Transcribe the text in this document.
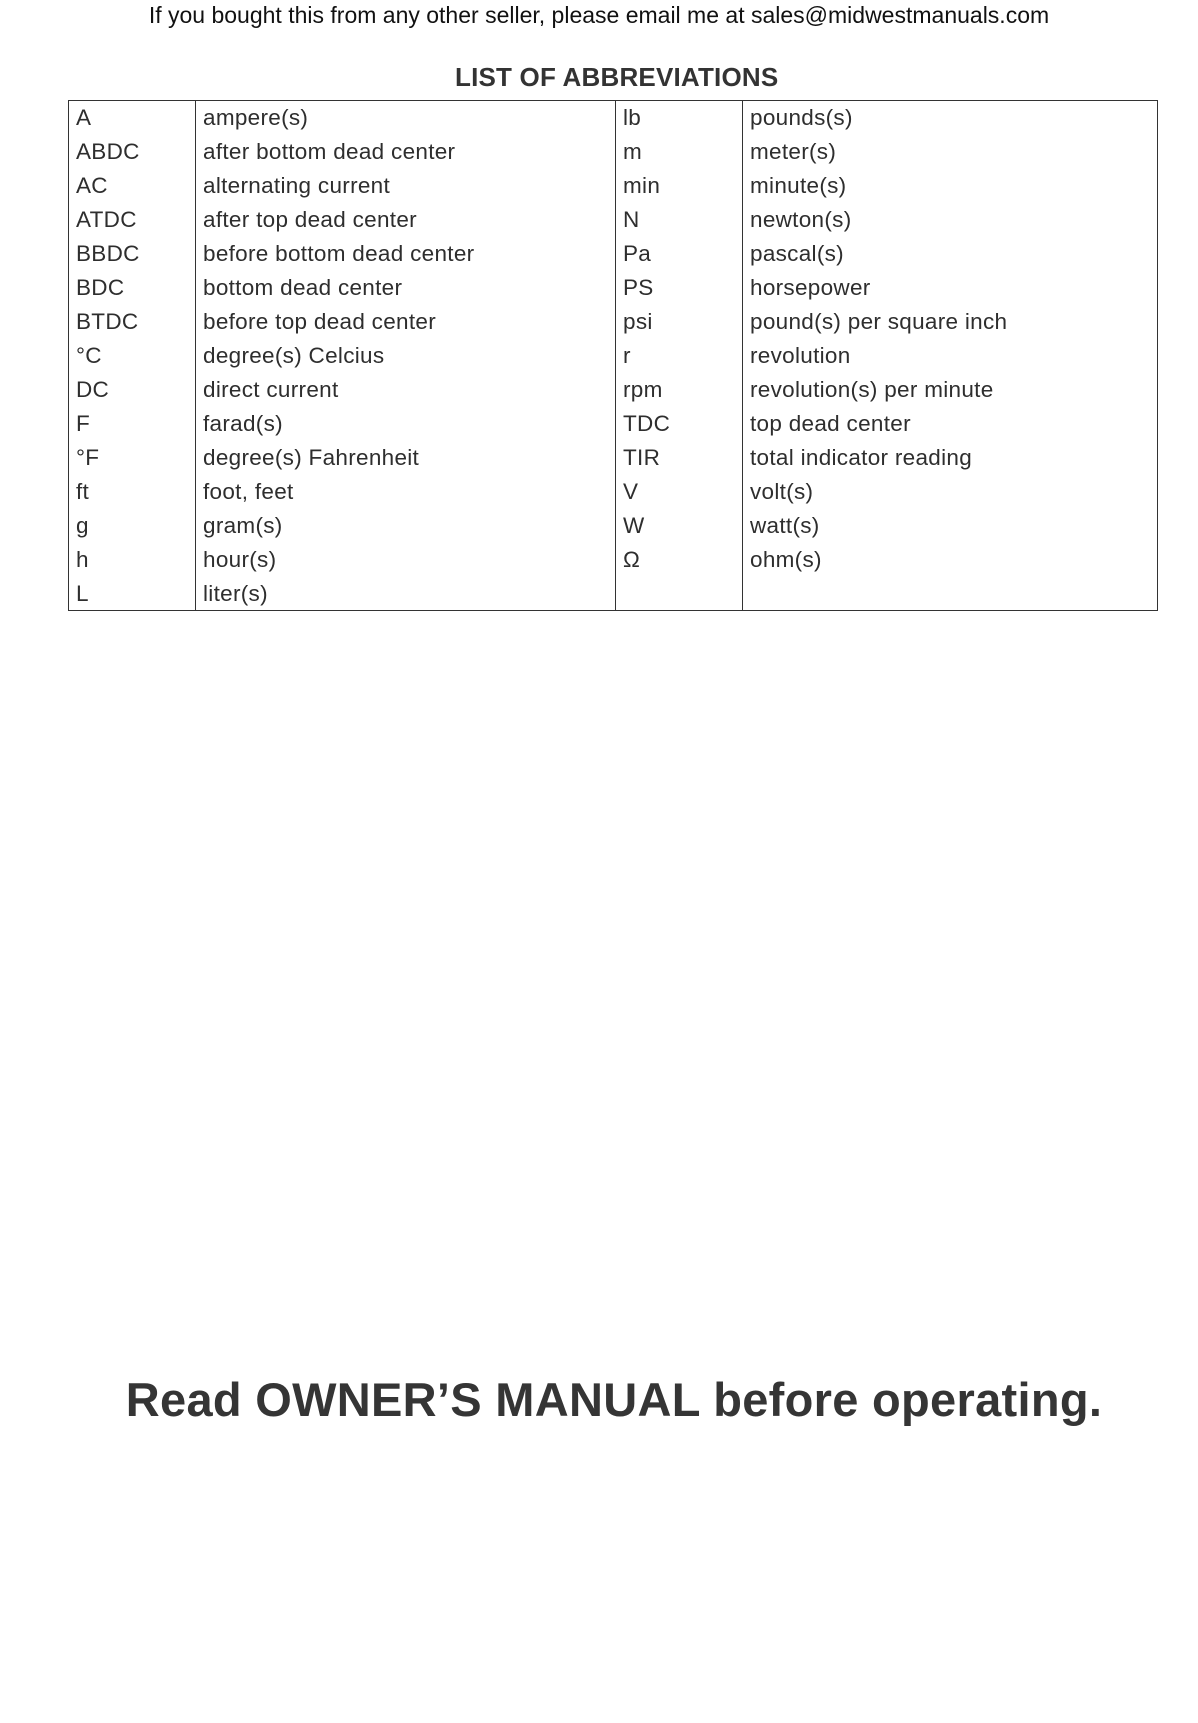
If you bought this from any other seller, please email me at sales@midwestmanuals.com
LIST OF ABBREVIATIONS
A
ABDC
AC
ATDC
BBDC
BDC
BTDC
°C
DC
F
°F
ft
g
h
L
ampere(s)
after bottom dead center
alternating current
after top dead center
before bottom dead center
bottom dead center
before top dead center
degree(s) Celcius
direct current
farad(s)
degree(s) Fahrenheit
foot, feet
gram(s)
hour(s)
liter(s)
lb
m
min
N
Pa
PS
psi
r
rpm
TDC
TIR
V
W
Ω
pounds(s)
meter(s)
minute(s)
newton(s)
pascal(s)
horsepower
pound(s) per square inch
revolution
revolution(s) per minute
top dead center
total indicator reading
volt(s)
watt(s)
ohm(s)
Read OWNER’S MANUAL before operating.
